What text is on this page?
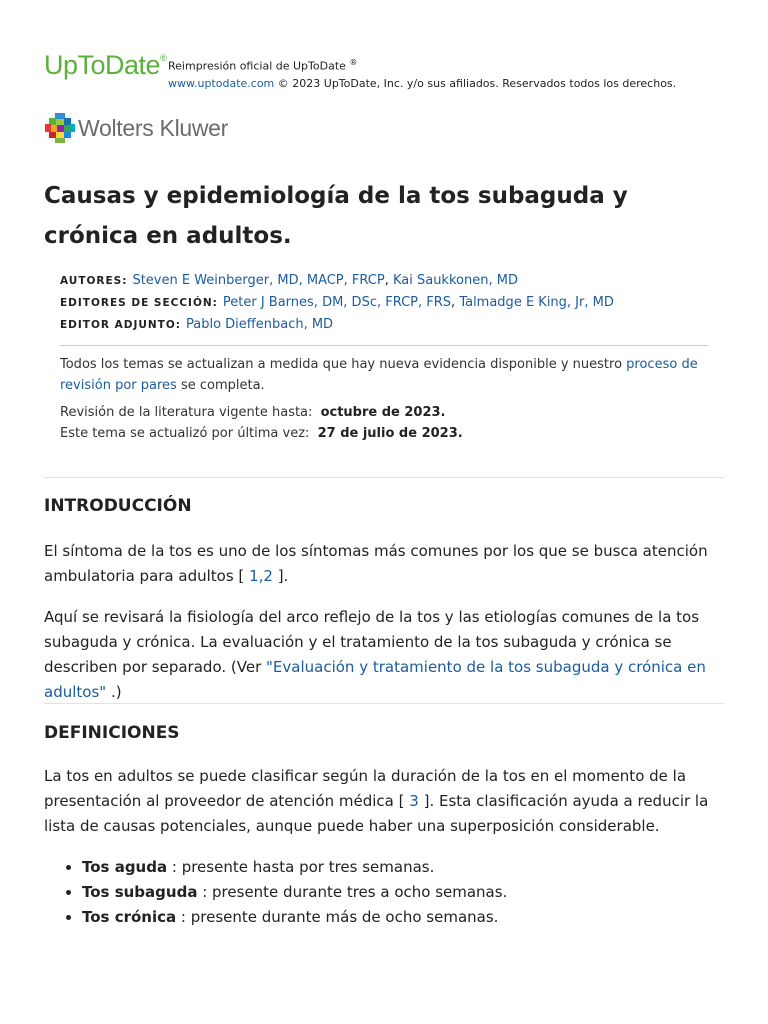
UpToDate®
Reimpresión oficial de UpToDate ®
www.uptodate.com © 2023 UpToDate, Inc. y/o sus afiliados. Reservados todos los derechos.
Wolters Kluwer
Causas y epidemiología de la tos subaguda y crónica en adultos.
AUTORES: Steven E Weinberger, MD, MACP, FRCP, Kai Saukkonen, MD
EDITORES DE SECCIÓN: Peter J Barnes, DM, DSc, FRCP, FRS, Talmadge E King, Jr, MD
EDITOR ADJUNTO: Pablo Dieffenbach, MD

Todos los temas se actualizan a medida que hay nueva evidencia disponible y nuestro proceso de revisión por pares se completa.

Revisión de la literatura vigente hasta: octubre de 2023.

Este tema se actualizó por última vez: 27 de julio de 2023.

INTRODUCCIÓN

El síntoma de la tos es uno de los síntomas más comunes por los que se busca atención ambulatoria para adultos [ 1,2 ].

Aquí se revisará la fisiología del arco reflejo de la tos y las etiologías comunes de la tos subaguda y crónica. La evaluación y el tratamiento de la tos subaguda y crónica se describen por separado. (Ver "Evaluación y tratamiento de la tos subaguda y crónica en adultos" .)

DEFINICIONES

La tos en adultos se puede clasificar según la duración de la tos en el momento de la presentación al proveedor de atención médica [ 3 ]. Esta clasificación ayuda a reducir la lista de causas potenciales, aunque puede haber una superposición considerable.

• Tos aguda : presente hasta por tres semanas.
• Tos subaguda : presente durante tres a ocho semanas.
• Tos crónica : presente durante más de ocho semanas.
